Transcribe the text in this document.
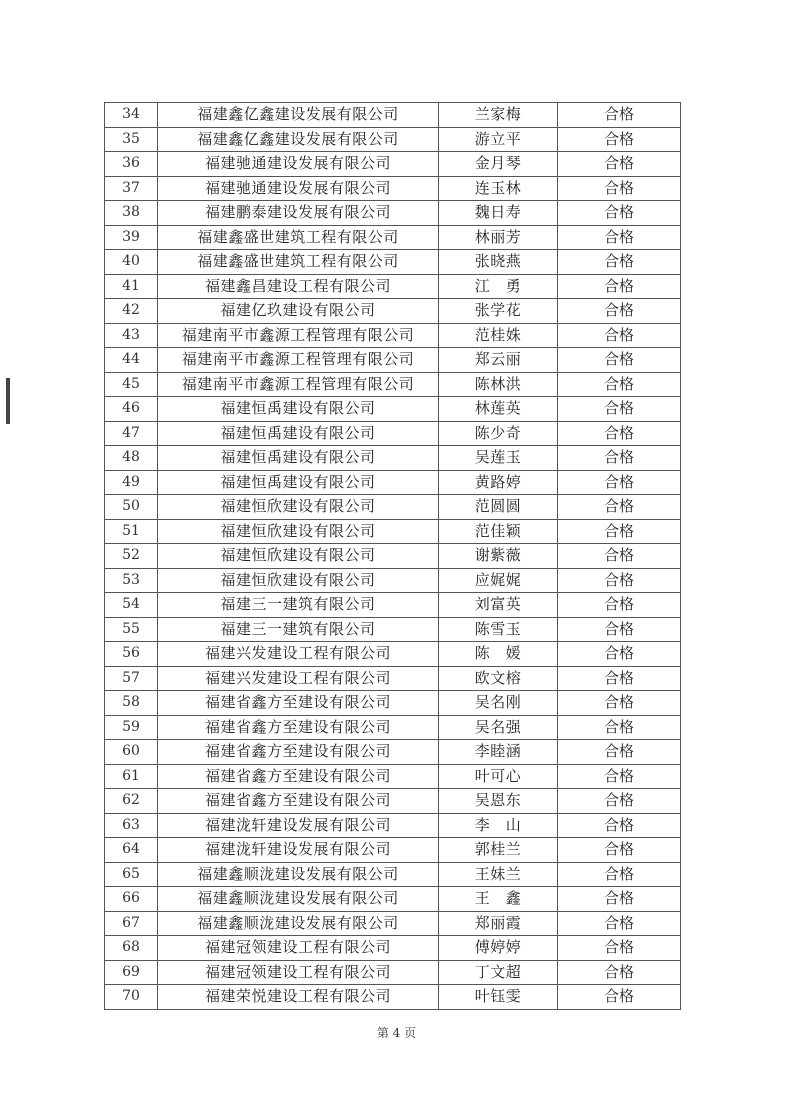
34	福建鑫亿鑫建设发展有限公司	兰家梅	合格
35	福建鑫亿鑫建设发展有限公司	游立平	合格
36	福建驰通建设发展有限公司	金月琴	合格
37	福建驰通建设发展有限公司	连玉林	合格
38	福建鹏泰建设发展有限公司	魏日寿	合格
39	福建鑫盛世建筑工程有限公司	林丽芳	合格
40	福建鑫盛世建筑工程有限公司	张晓燕	合格
41	福建鑫昌建设工程有限公司	江　勇	合格
42	福建亿玖建设有限公司	张学花	合格
43	福建南平市鑫源工程管理有限公司	范桂姝	合格
44	福建南平市鑫源工程管理有限公司	郑云丽	合格
45	福建南平市鑫源工程管理有限公司	陈林洪	合格
46	福建恒禹建设有限公司	林莲英	合格
47	福建恒禹建设有限公司	陈少奇	合格
48	福建恒禹建设有限公司	吴莲玉	合格
49	福建恒禹建设有限公司	黄路婷	合格
50	福建恒欣建设有限公司	范圆圆	合格
51	福建恒欣建设有限公司	范佳颖	合格
52	福建恒欣建设有限公司	谢紫薇	合格
53	福建恒欣建设有限公司	应娓娓	合格
54	福建三一建筑有限公司	刘富英	合格
55	福建三一建筑有限公司	陈雪玉	合格
56	福建兴发建设工程有限公司	陈　媛	合格
57	福建兴发建设工程有限公司	欧文榕	合格
58	福建省鑫方至建设有限公司	吴名刚	合格
59	福建省鑫方至建设有限公司	吴名强	合格
60	福建省鑫方至建设有限公司	李睦涵	合格
61	福建省鑫方至建设有限公司	叶可心	合格
62	福建省鑫方至建设有限公司	吴恩东	合格
63	福建泷轩建设发展有限公司	李　山	合格
64	福建泷轩建设发展有限公司	郭桂兰	合格
65	福建鑫顺泷建设发展有限公司	王妹兰	合格
66	福建鑫顺泷建设发展有限公司	王　鑫	合格
67	福建鑫顺泷建设发展有限公司	郑丽霞	合格
68	福建冠领建设工程有限公司	傅婷婷	合格
69	福建冠领建设工程有限公司	丁文超	合格
70	福建荣悦建设工程有限公司	叶钰雯	合格
第 4 页
